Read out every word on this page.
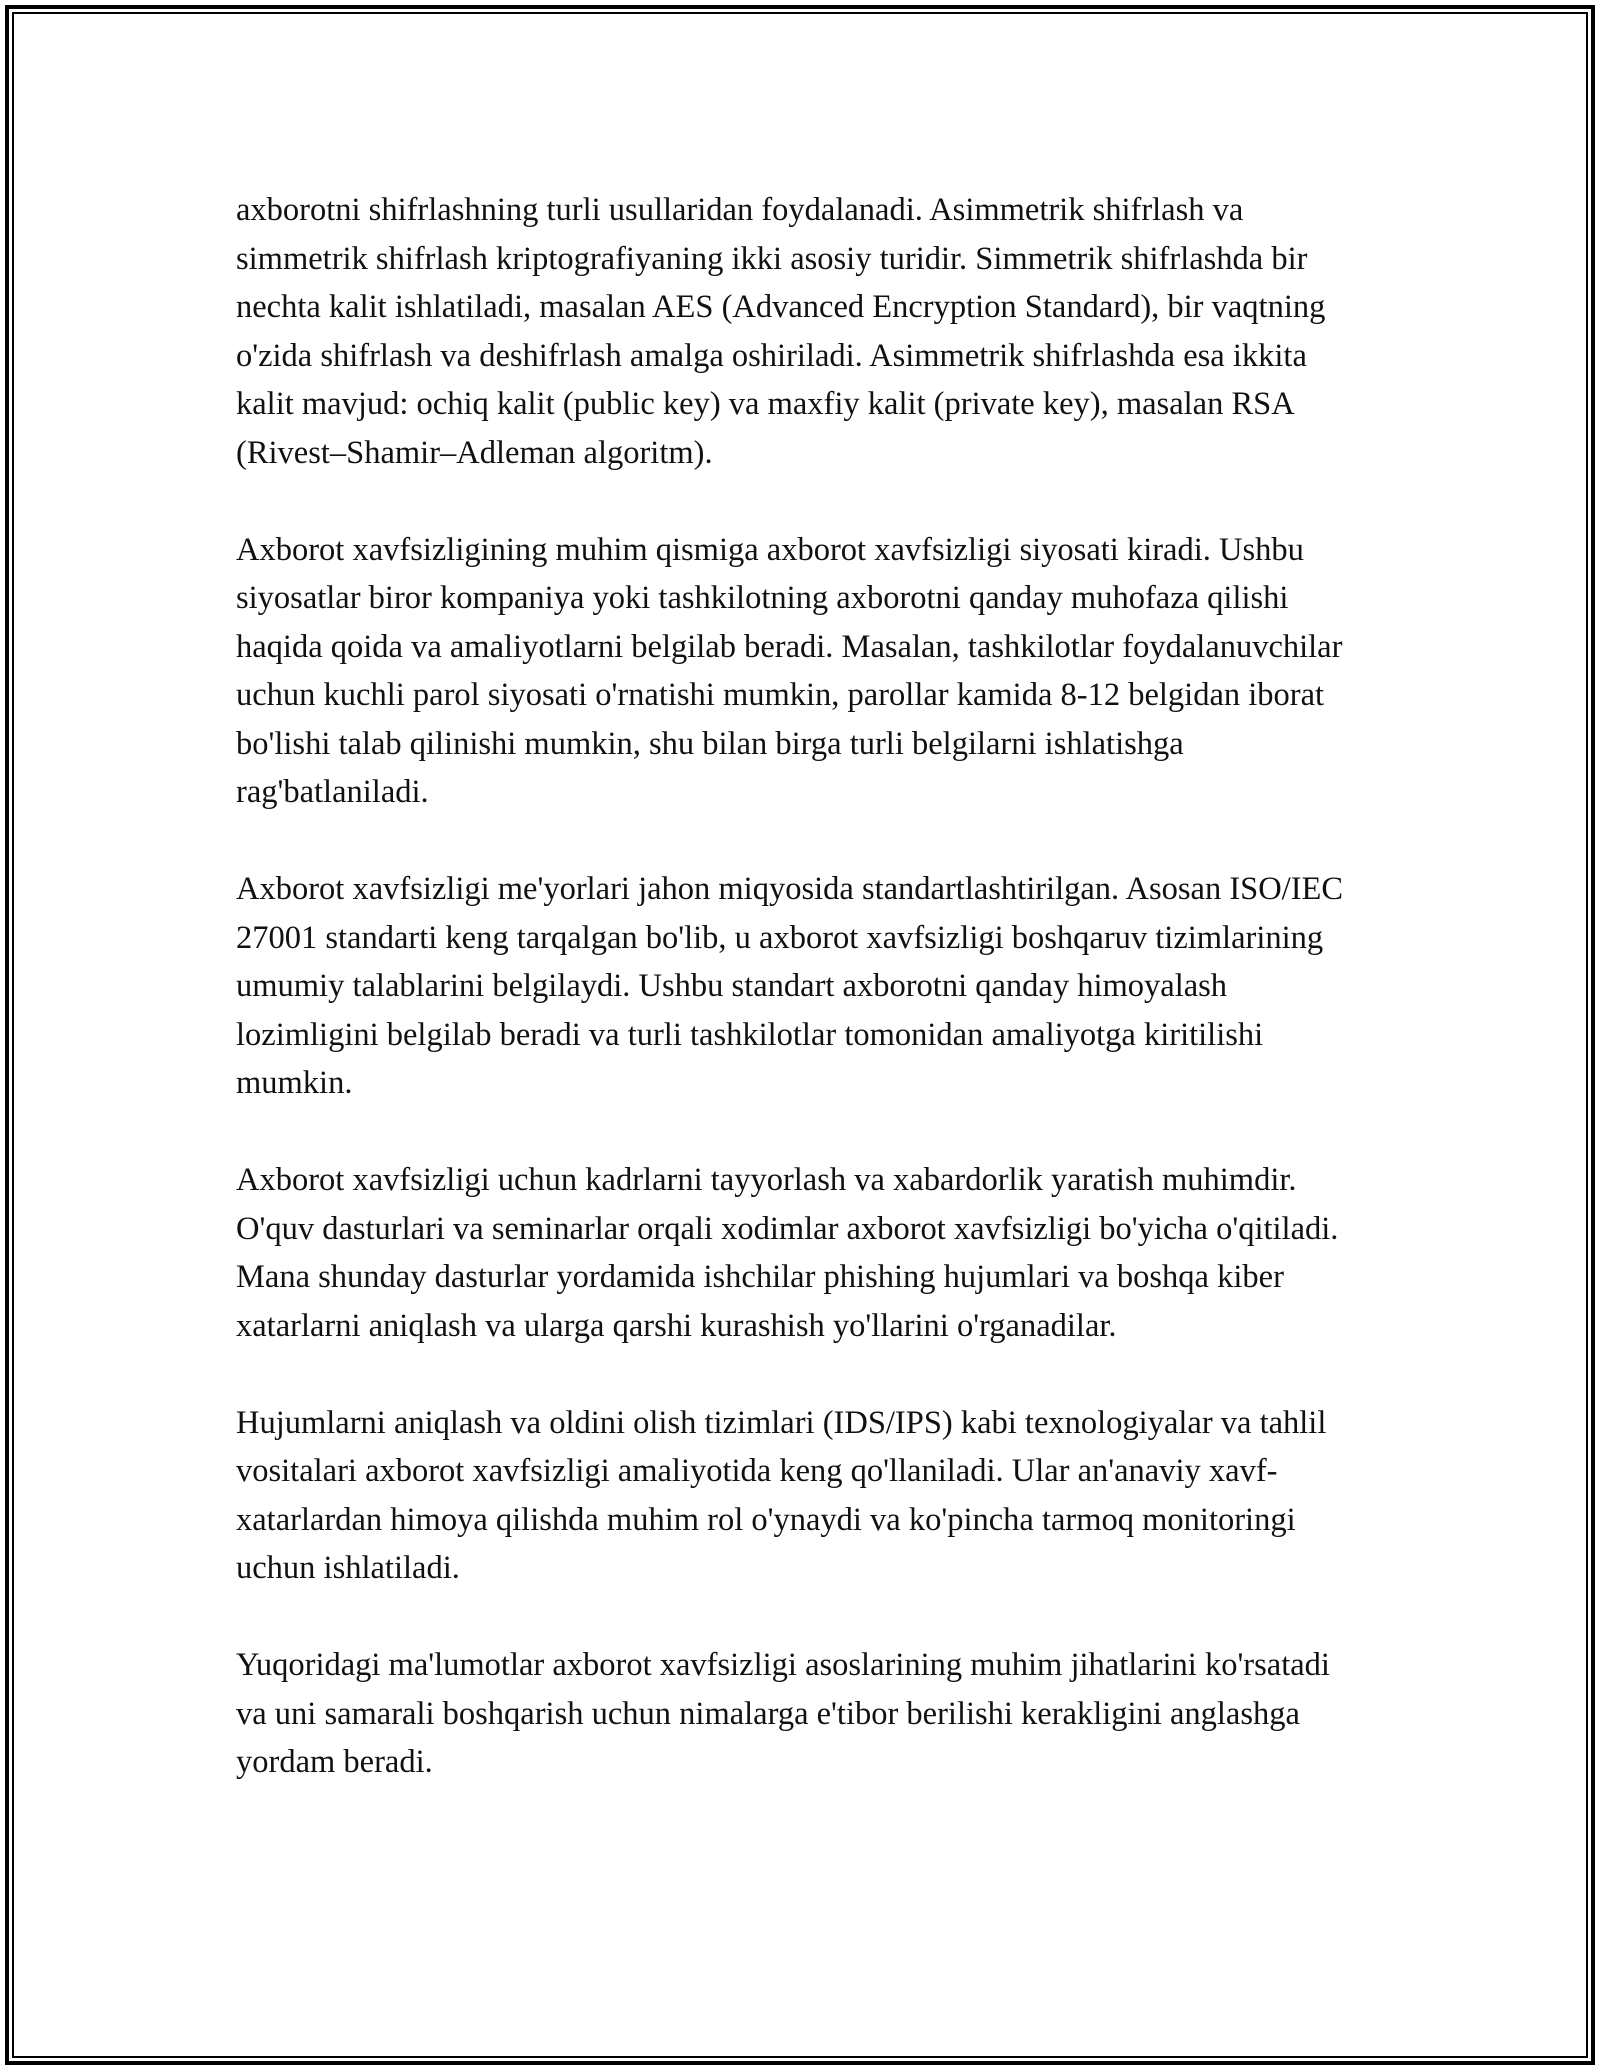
axborotni shifrlashning turli usullaridan foydalanadi. Asimmetrik shifrlash va simmetrik shifrlash kriptografiyaning ikki asosiy turidir. Simmetrik shifrlashda bir nechta kalit ishlatiladi, masalan AES (Advanced Encryption Standard), bir vaqtning o'zida shifrlash va deshifrlash amalga oshiriladi. Asimmetrik shifrlashda esa ikkita kalit mavjud: ochiq kalit (public key) va maxfiy kalit (private key), masalan RSA (Rivest–Shamir–Adleman algoritm).

Axborot xavfsizligining muhim qismiga axborot xavfsizligi siyosati kiradi. Ushbu siyosatlar biror kompaniya yoki tashkilotning axborotni qanday muhofaza qilishi haqida qoida va amaliyotlarni belgilab beradi. Masalan, tashkilotlar foydalanuvchilar uchun kuchli parol siyosati o'rnatishi mumkin, parollar kamida 8-12 belgidan iborat bo'lishi talab qilinishi mumkin, shu bilan birga turli belgilarni ishlatishga rag'batlaniladi.

Axborot xavfsizligi me'yorlari jahon miqyosida standartlashtirilgan. Asosan ISO/IEC 27001 standarti keng tarqalgan bo'lib, u axborot xavfsizligi boshqaruv tizimlarining umumiy talablarini belgilaydi. Ushbu standart axborotni qanday himoyalash lozimligini belgilab beradi va turli tashkilotlar tomonidan amaliyotga kiritilishi mumkin.

Axborot xavfsizligi uchun kadrlarni tayyorlash va xabardorlik yaratish muhimdir. O'quv dasturlari va seminarlar orqali xodimlar axborot xavfsizligi bo'yicha o'qitiladi. Mana shunday dasturlar yordamida ishchilar phishing hujumlari va boshqa kiber xatarlarni aniqlash va ularga qarshi kurashish yo'llarini o'rganadilar.

Hujumlarni aniqlash va oldini olish tizimlari (IDS/IPS) kabi texnologiyalar va tahlil vositalari axborot xavfsizligi amaliyotida keng qo'llaniladi. Ular an'anaviy xavf-xatarlardan himoya qilishda muhim rol o'ynaydi va ko'pincha tarmoq monitoringi uchun ishlatiladi.

Yuqoridagi ma'lumotlar axborot xavfsizligi asoslarining muhim jihatlarini ko'rsatadi va uni samarali boshqarish uchun nimalarga e'tibor berilishi kerakligini anglashga yordam beradi.
